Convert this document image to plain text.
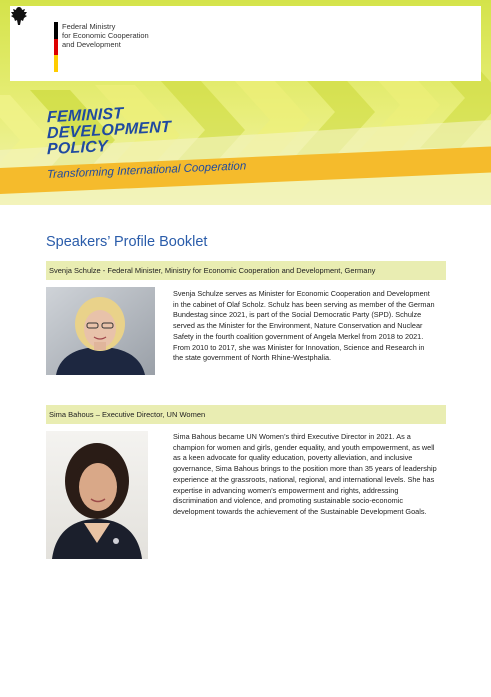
Federal Ministry
for Economic Cooperation
and Development
FEMINIST
DEVELOPMENT
POLICY
Transforming International Cooperation
Speakers’ Profile Booklet
Svenja Schulze - Federal Minister, Ministry for Economic Cooperation and Development, Germany
Svenja Schulze serves as Minister for Economic Cooperation and Development in the cabinet of Olaf Scholz. Schulz has been serving as member of the German Bundestag since 2021, is part of the Social Democratic Party (SPD). Schulze served as the Minister for the Environment, Nature Conservation and Nuclear Safety in the fourth coalition government of Angela Merkel from 2018 to 2021. From 2010 to 2017, she was Minister for Innovation, Science and Research in the state government of North Rhine-Westphalia.
Sima Bahous – Executive Director, UN Women
Sima Bahous became UN Women’s third Executive Director in 2021. As a champion for women and girls, gender equality, and youth empowerment, as well as a keen advocate for quality education, poverty alleviation, and inclusive governance, Sima Bahous brings to the position more than 35 years of leadership experience at the grassroots, national, regional, and international levels. She has expertise in advancing women’s empowerment and rights, addressing discrimination and violence, and promoting sustainable socio-economic development towards the achievement of the Sustainable Development Goals.
